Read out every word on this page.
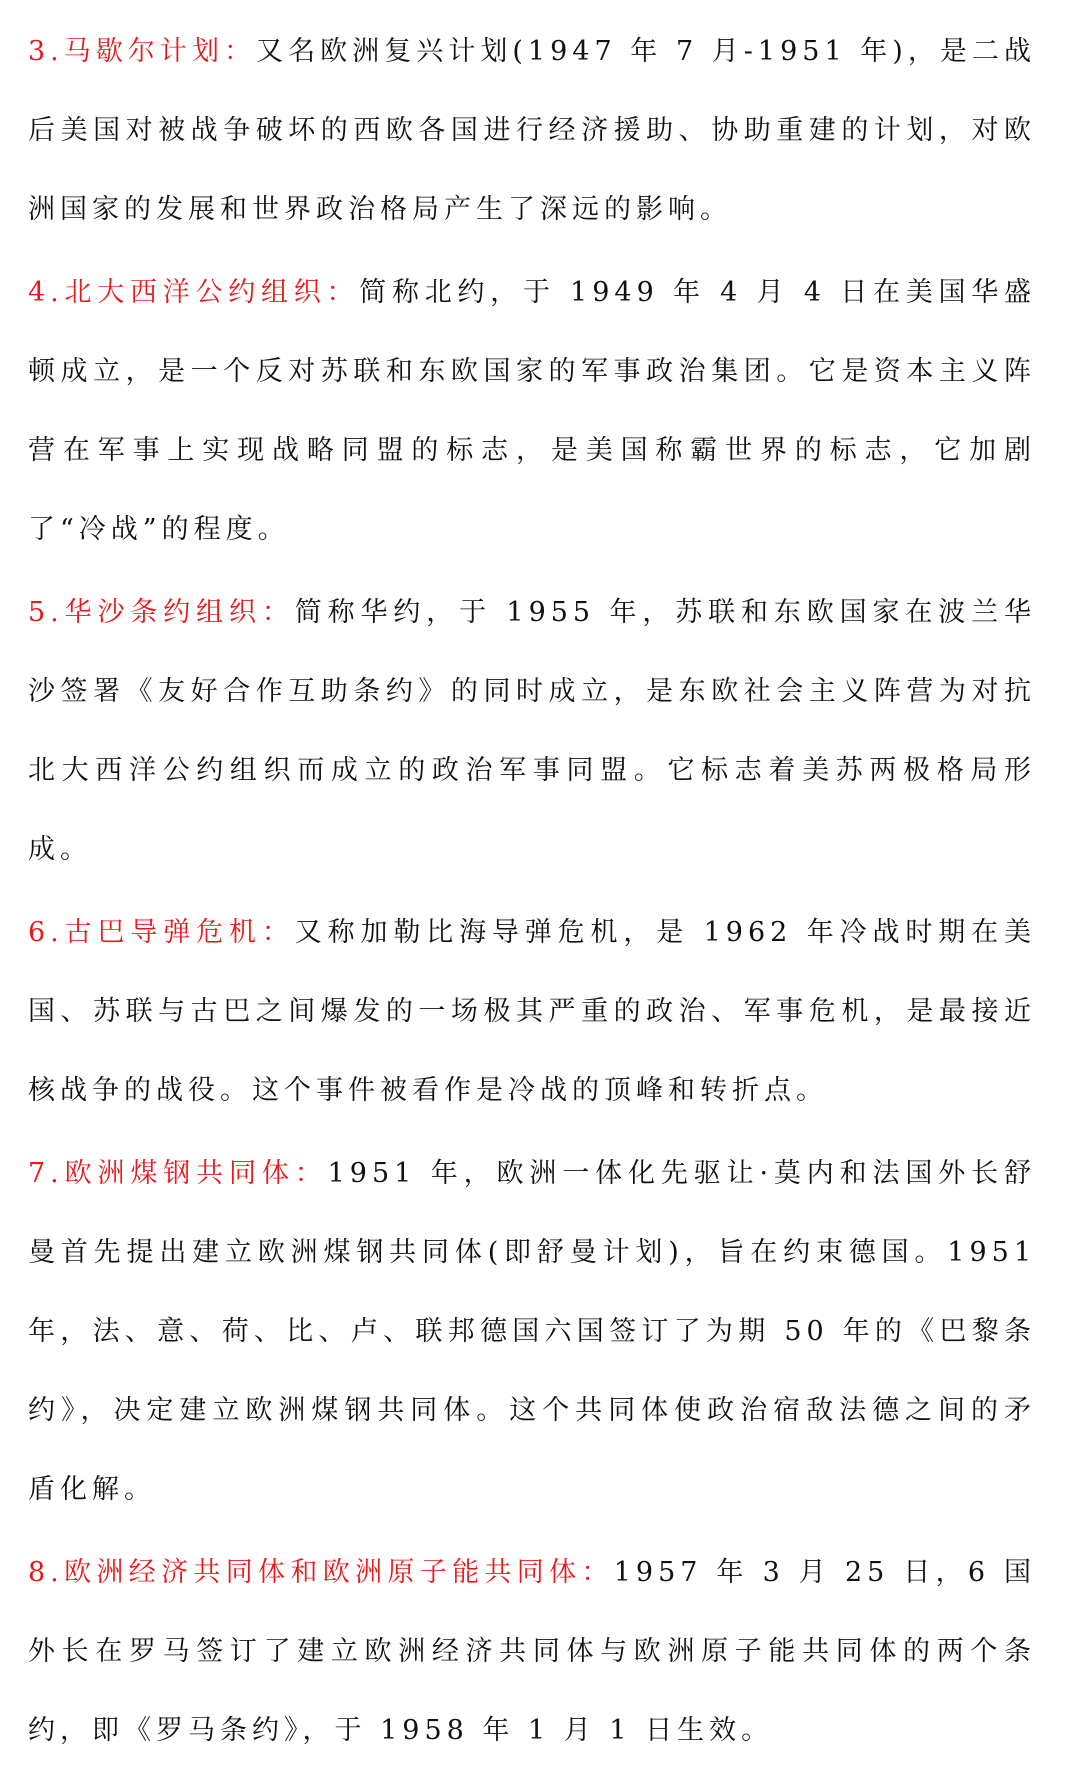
3.马歇尔计划：又名欧洲复兴计划(1947 年 7 月-1951 年)，是二战后美国对被战争破坏的西欧各国进行经济援助、协助重建的计划，对欧洲国家的发展和世界政治格局产生了深远的影响。

4.北大西洋公约组织：简称北约，于 1949 年 4 月 4 日在美国华盛顿成立，是一个反对苏联和东欧国家的军事政治集团。它是资本主义阵营在军事上实现战略同盟的标志，是美国称霸世界的标志，它加剧了“冷战”的程度。

5.华沙条约组织：简称华约，于 1955 年，苏联和东欧国家在波兰华沙签署《友好合作互助条约》的同时成立，是东欧社会主义阵营为对抗北大西洋公约组织而成立的政治军事同盟。它标志着美苏两极格局形成。

6.古巴导弹危机：又称加勒比海导弹危机，是 1962 年冷战时期在美国、苏联与古巴之间爆发的一场极其严重的政治、军事危机，是最接近核战争的战役。这个事件被看作是冷战的顶峰和转折点。

7.欧洲煤钢共同体：1951 年，欧洲一体化先驱让·莫内和法国外长舒曼首先提出建立欧洲煤钢共同体(即舒曼计划)，旨在约束德国。1951 年，法、意、荷、比、卢、联邦德国六国签订了为期 50 年的《巴黎条约》，决定建立欧洲煤钢共同体。这个共同体使政治宿敌法德之间的矛盾化解。

8.欧洲经济共同体和欧洲原子能共同体：1957 年 3 月 25 日，6 国外长在罗马签订了建立欧洲经济共同体与欧洲原子能共同体的两个条约，即《罗马条约》，于 1958 年 1 月 1 日生效。
